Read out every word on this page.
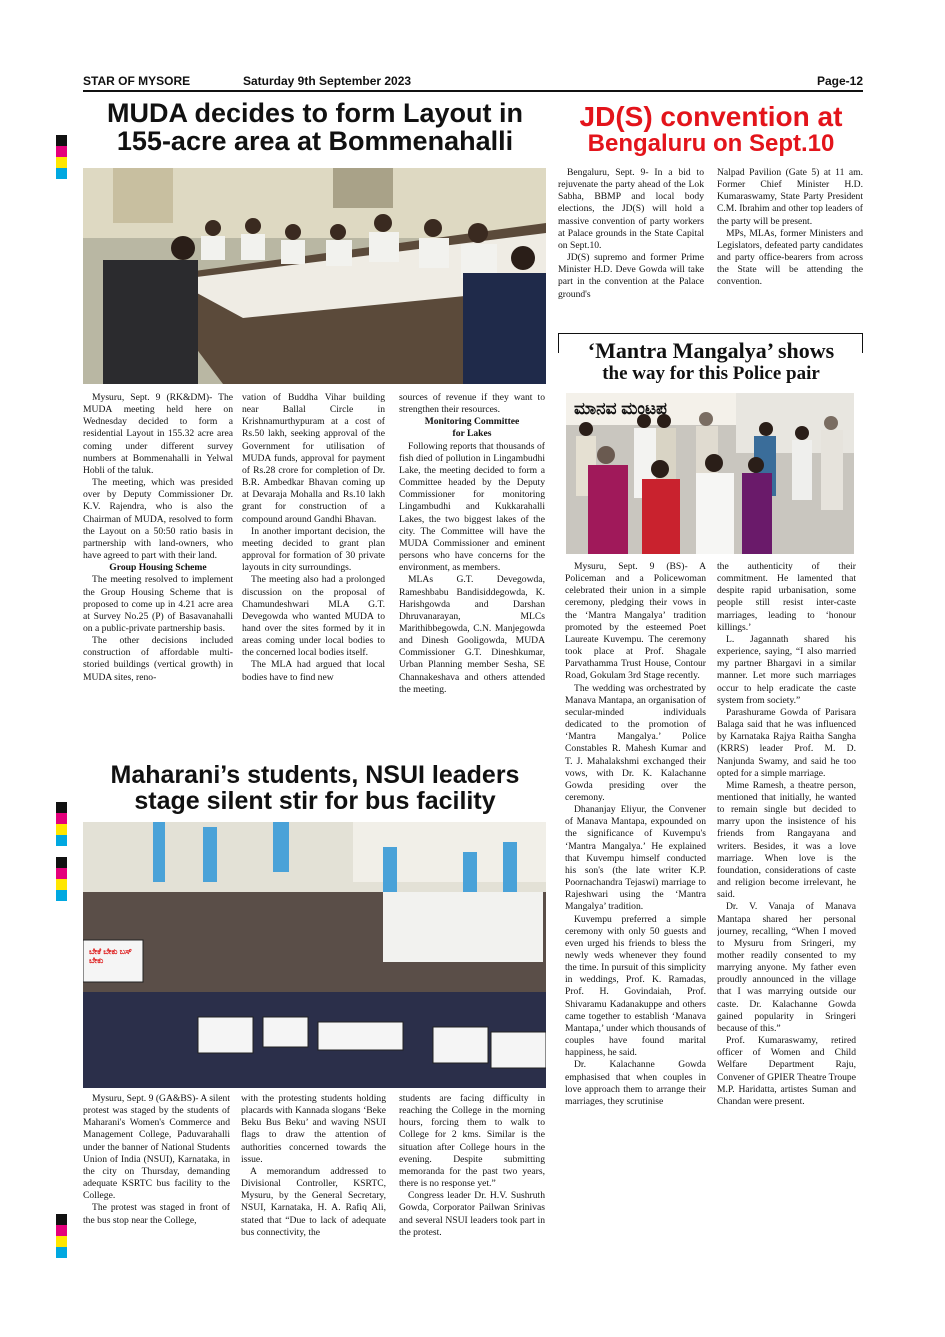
STAR OF MYSORE	Saturday 9th September 2023	Page-12
MUDA decides to form Layout in
155-acre area at Bommenahalli

Mysuru, Sept. 9 (RK&DM)- The MUDA meeting held here on Wednesday decided to form a residential Layout in 155.32 acre area coming under different survey numbers at Bommenahalli in Yelwal Hobli of the taluk.

The meeting, which was presided over by Deputy Commissioner Dr. K.V. Rajendra, who is also the Chairman of MUDA, resolved to form the Layout on a 50:50 ratio basis in partnership with land-owners, who have agreed to part with their land.

Group Housing Scheme

The meeting resolved to implement the Group Housing Scheme that is proposed to come up in 4.21 acre area at Survey No.25 (P) of Basavanahalli on a public-private partnership basis.

The other decisions included construction of affordable multi-storied buildings (vertical growth) in MUDA sites, reno-

vation of Buddha Vihar building near Ballal Circle in Krishnamurthypuram at a cost of Rs.50 lakh, seeking approval of the Government for utilisation of MUDA funds, approval for payment of Rs.28 crore for completion of Dr. B.R. Ambedkar Bhavan coming up at Devaraja Mohalla and Rs.10 lakh grant for construction of a compound around Gandhi Bhavan.

In another important decision, the meeting decided to grant plan approval for formation of 30 private layouts in city surroundings.

The meeting also had a prolonged discussion on the proposal of Chamundeshwari MLA G.T. Devegowda who wanted MUDA to hand over the sites formed by it in areas coming under local bodies to the concerned local bodies itself.

The MLA had argued that local bodies have to find new

sources of revenue if they want to strengthen their resources.

Monitoring Committee

for Lakes

Following reports that thousands of fish died of pollution in Lingambudhi Lake, the meeting decided to form a Committee headed by the Deputy Commissioner for monitoring Lingambudhi and Kukkarahalli Lakes, the two biggest lakes of the city. The Committee will have the MUDA Commissioner and eminent persons who have concerns for the environment, as members.

MLAs G.T. Devegowda, Rameshbabu Bandisiddegowda, K. Harishgowda and Darshan Dhruvanarayan, MLCs Marithibbegowda, C.N. Manjegowda and Dinesh Gooligowda, MUDA Commissioner G.T. Dineshkumar, Urban Planning member Sesha, SE Channakeshava and others attended the meeting.

JD(S) convention at
Bengaluru on Sept.10

Bengaluru, Sept. 9- In a bid to rejuvenate the party ahead of the Lok Sabha, BBMP and local body elections, the JD(S) will hold a massive convention of party workers at Palace grounds in the State Capital on Sept.10.

JD(S) supremo and former Prime Minister H.D. Deve Gowda will take part in the convention at the Palace ground's

Nalpad Pavilion (Gate 5) at 11 am. Former Chief Minister H.D. Kumaraswamy, State Party President C.M. Ibrahim and other top leaders of the party will be present.

MPs, MLAs, former Ministers and Legislators, defeated party candidates and party office-bearers from across the State will be attending the convention.

‘Mantra Mangalya’ shows
the way for this Police pair
ಮಾನವ ಮಂಟಪ

Mysuru, Sept. 9 (BS)- A Policeman and a Policewoman celebrated their union in a simple ceremony, pledging their vows in the ‘Mantra Mangalya’ tradition promoted by the esteemed Poet Laureate Kuvempu. The ceremony took place at Prof. Shagale Parvathamma Trust House, Contour Road, Gokulam 3rd Stage recently.

The wedding was orchestrated by Manava Mantapa, an organisation of secular-minded individuals dedicated to the promotion of ‘Mantra Mangalya.’ Police Constables R. Mahesh Kumar and T. J. Mahalakshmi exchanged their vows, with Dr. K. Kalachanne Gowda presiding over the ceremony.

Dhananjay Eliyur, the Convener of Manava Mantapa, expounded on the significance of Kuvempu's ‘Mantra Mangalya.’ He explained that Kuvempu himself conducted his son's (the late writer K.P. Poornachandra Tejaswi) marriage to Rajeshwari using the ‘Mantra Mangalya’ tradition.

Kuvempu preferred a simple ceremony with only 50 guests and even urged his friends to bless the newly weds whenever they found the time. In pursuit of this simplicity in weddings, Prof. K. Ramadas, Prof. H. Govindaiah, Prof. Shivaramu Kadanakuppe and others came together to establish ‘Manava Mantapa,’ under which thousands of couples have found marital happiness, he said.

Dr. Kalachanne Gowda emphasised that when couples in love approach them to arrange their marriages, they scrutinise

the authenticity of their commitment. He lamented that despite rapid urbanisation, some people still resist inter-caste marriages, leading to ‘honour killings.’

L. Jagannath shared his experience, saying, “I also married my partner Bhargavi in a similar manner. Let more such marriages occur to help eradicate the caste system from society.”

Parashurame Gowda of Parisara Balaga said that he was influenced by Karnataka Rajya Raitha Sangha (KRRS) leader Prof. M. D. Nanjunda Swamy, and said he too opted for a simple marriage.

Mime Ramesh, a theatre person, mentioned that initially, he wanted to remain single but decided to marry upon the insistence of his friends from Rangayana and writers. Besides, it was a love marriage. When love is the foundation, considerations of caste and religion become irrelevant, he said.

Dr. V. Vanaja of Manava Mantapa shared her personal journey, recalling, “When I moved to Mysuru from Sringeri, my mother readily consented to my marrying anyone. My father even proudly announced in the village that I was marrying outside our caste. Dr. Kalachanne Gowda gained popularity in Sringeri because of this.”

Prof. Kumaraswamy, retired officer of Women and Child Welfare Department Raju, Convener of GPIER Theatre Troupe M.P. Haridatta, artistes Suman and Chandan were present.

Maharani’s students, NSUI leaders
stage silent stir for bus facility
ಬೇಕೆ ಬೇಕು ಬಸ್ ಬೇಕು

Mysuru, Sept. 9 (GA&BS)- A silent protest was staged by the students of Maharani's Women's Commerce and Management College, Paduvarahalli under the banner of National Students Union of India (NSUI), Karnataka, in the city on Thursday, demanding adequate KSRTC bus facility to the College.

The protest was staged in front of the bus stop near the College,

with the protesting students holding placards with Kannada slogans ‘Beke Beku Bus Beku’ and waving NSUI flags to draw the attention of authorities concerned towards the issue.

A memorandum addressed to Divisional Controller, KSRTC, Mysuru, by the General Secretary, NSUI, Karnataka, H. A. Rafiq Ali, stated that “Due to lack of adequate bus connectivity, the

students are facing difficulty in reaching the College in the morning hours, forcing them to walk to College for 2 kms. Similar is the situation after College hours in the evening. Despite submitting memoranda for the past two years, there is no response yet.”

Congress leader Dr. H.V. Sushruth Gowda, Corporator Pailwan Srinivas and several NSUI leaders took part in the protest.
